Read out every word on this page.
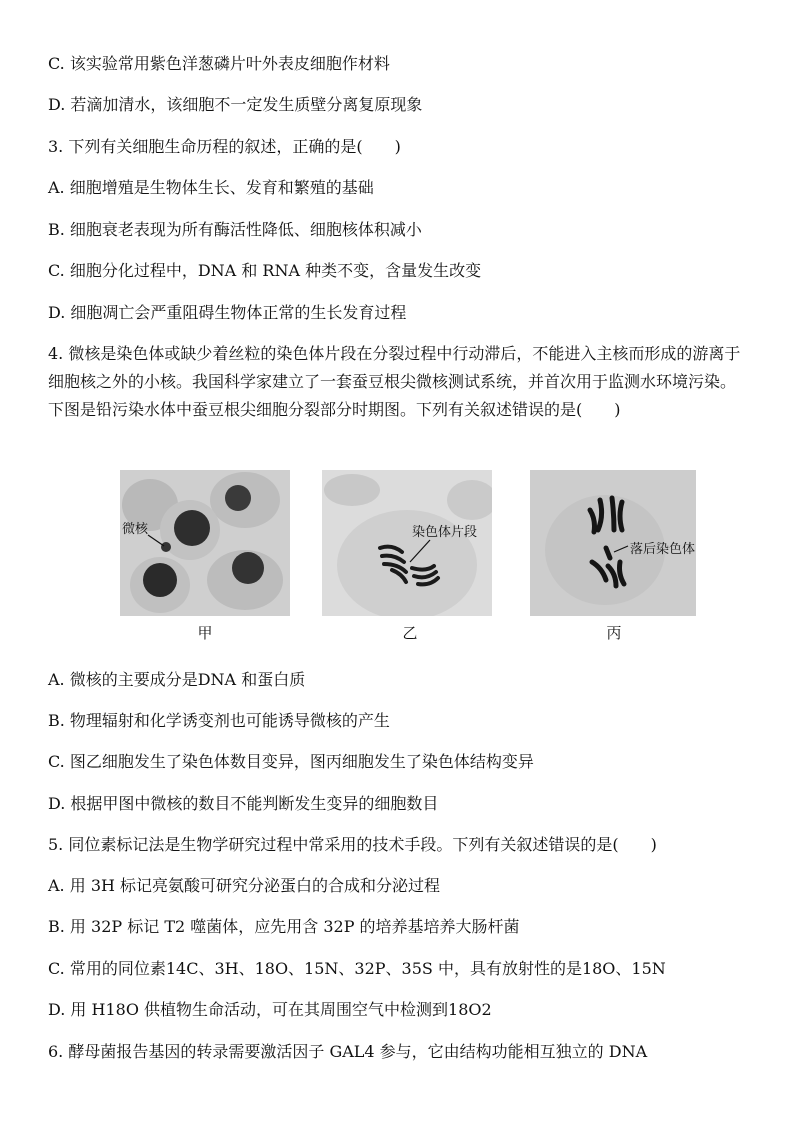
C. 该实验常用紫色洋葱磷片叶外表皮细胞作材料
D. 若滴加清水，该细胞不一定发生质壁分离复原现象
3. 下列有关细胞生命历程的叙述，正确的是(　　)
A. 细胞增殖是生物体生长、发育和繁殖的基础
B. 细胞衰老表现为所有酶活性降低、细胞核体积减小
C. 细胞分化过程中，DNA 和 RNA 种类不变，含量发生改变
D. 细胞凋亡会严重阻碍生物体正常的生长发育过程
4. 微核是染色体或缺少着丝粒的染色体片段在分裂过程中行动滞后，不能进入主核而形成的游离于细胞核之外的小核。我国科学家建立了一套蚕豆根尖微核测试系统，并首次用于监测水环境污染。下图是铅污染水体中蚕豆根尖细胞分裂部分时期图。下列有关叙述错误的是(　　)
微核
甲
染色体片段
乙
落后染色体
丙
A. 微核的主要成分是DNA 和蛋白质
B. 物理辐射和化学诱变剂也可能诱导微核的产生
C. 图乙细胞发生了染色体数目变异，图丙细胞发生了染色体结构变异
D. 根据甲图中微核的数目不能判断发生变异的细胞数目
5. 同位素标记法是生物学研究过程中常采用的技术手段。下列有关叙述错误的是(　　)
A. 用 3H 标记亮氨酸可研究分泌蛋白的合成和分泌过程
B. 用 32P 标记 T2 噬菌体，应先用含 32P 的培养基培养大肠杆菌
C. 常用的同位素14C、3H、18O、15N、32P、35S 中，具有放射性的是18O、15N
D. 用 H18O 供植物生命活动，可在其周围空气中检测到18O2
6. 酵母菌报告基因的转录需要激活因子 GAL4 参与，它由结构功能相互独立的 DNA
